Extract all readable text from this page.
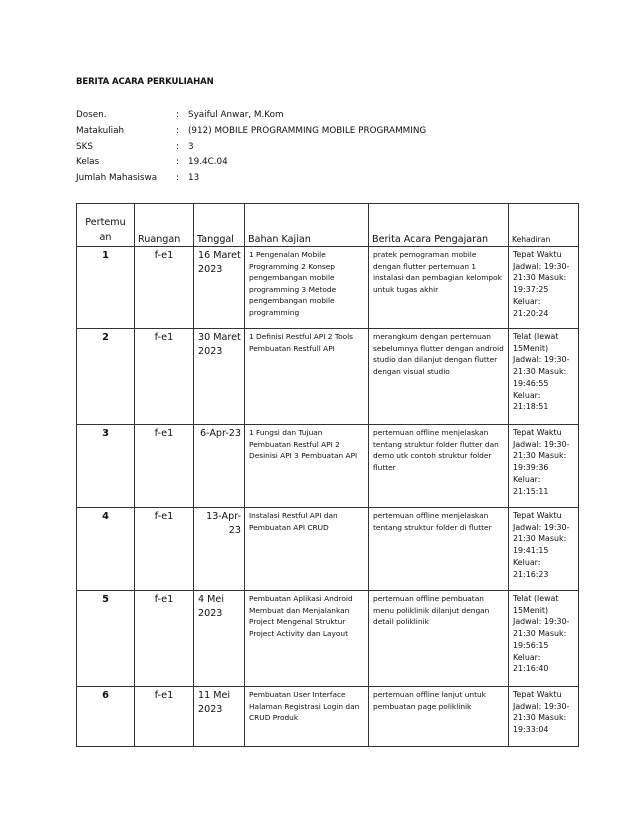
BERITA ACARA PERKULIAHAN
Dosen.	:	Syaiful Anwar, M.Kom
Matakuliah	:	(912) MOBILE PROGRAMMING MOBILE PROGRAMMING
SKS	:	3
Kelas	:	19.4C.04
Jumlah Mahasiswa	:	13
Pertemu an	Ruangan	Tanggal	Bahan Kajian	Berita Acara Pengajaran	Kehadiran
1	f-e1	16 Maret 2023	1 Pengenalan Mobile Programming 2 Konsep pengembangan mobile programming 3 Metode pengembangan mobile programming	pratek pemograman mobile dengan flutter pertemuan 1 instalasi dan pembagian kelompok untuk tugas akhir	Tepat Waktu Jadwal: 19:30-21:30 Masuk: 19:37:25 Keluar: 21:20:24
2	f-e1	30 Maret 2023	1 Definisi Restful API 2 Tools Pembuatan Restfull API	merangkum dengan pertemuan sebelumnya flutter dengan android studio dan dilanjut dengan flutter dengan visual studio	Telat (lewat 15Menit) Jadwal: 19:30-21:30 Masuk: 19:46:55 Keluar: 21:18:51
3	f-e1	6-Apr-23	1 Fungsi dan Tujuan Pembuatan Restful API 2 Desinisi API 3 Pembuatan API	pertemuan offline menjelaskan tentang struktur folder flutter dan demo utk contoh struktur folder flutter	Tepat Waktu Jadwal: 19:30-21:30 Masuk: 19:39:36 Keluar: 21:15:11
4	f-e1	13-Apr-23	Instalasi Restful API dan Pembuatan API CRUD	pertemuan offline menjelaskan tentang struktur folder di flutter	Tepat Waktu Jadwal: 19:30-21:30 Masuk: 19:41:15 Keluar: 21:16:23
5	f-e1	4 Mei 2023	Pembuatan Aplikasi Android Membuat dan Menjalankan Project Mengenal Struktur Project Activity dan Layout	pertemuan offline pembuatan menu poliklinik dilanjut dengan detail poliklinik	Telat (lewat 15Menit) Jadwal: 19:30-21:30 Masuk: 19:56:15 Keluar: 21:16:40
6	f-e1	11 Mei 2023	Pembuatan User Interface Halaman Registrasi Login dan CRUD Produk	pertemuan offline lanjut untuk pembuatan page poliklinik	Tepat Waktu Jadwal: 19:30-21:30 Masuk: 19:33:04
